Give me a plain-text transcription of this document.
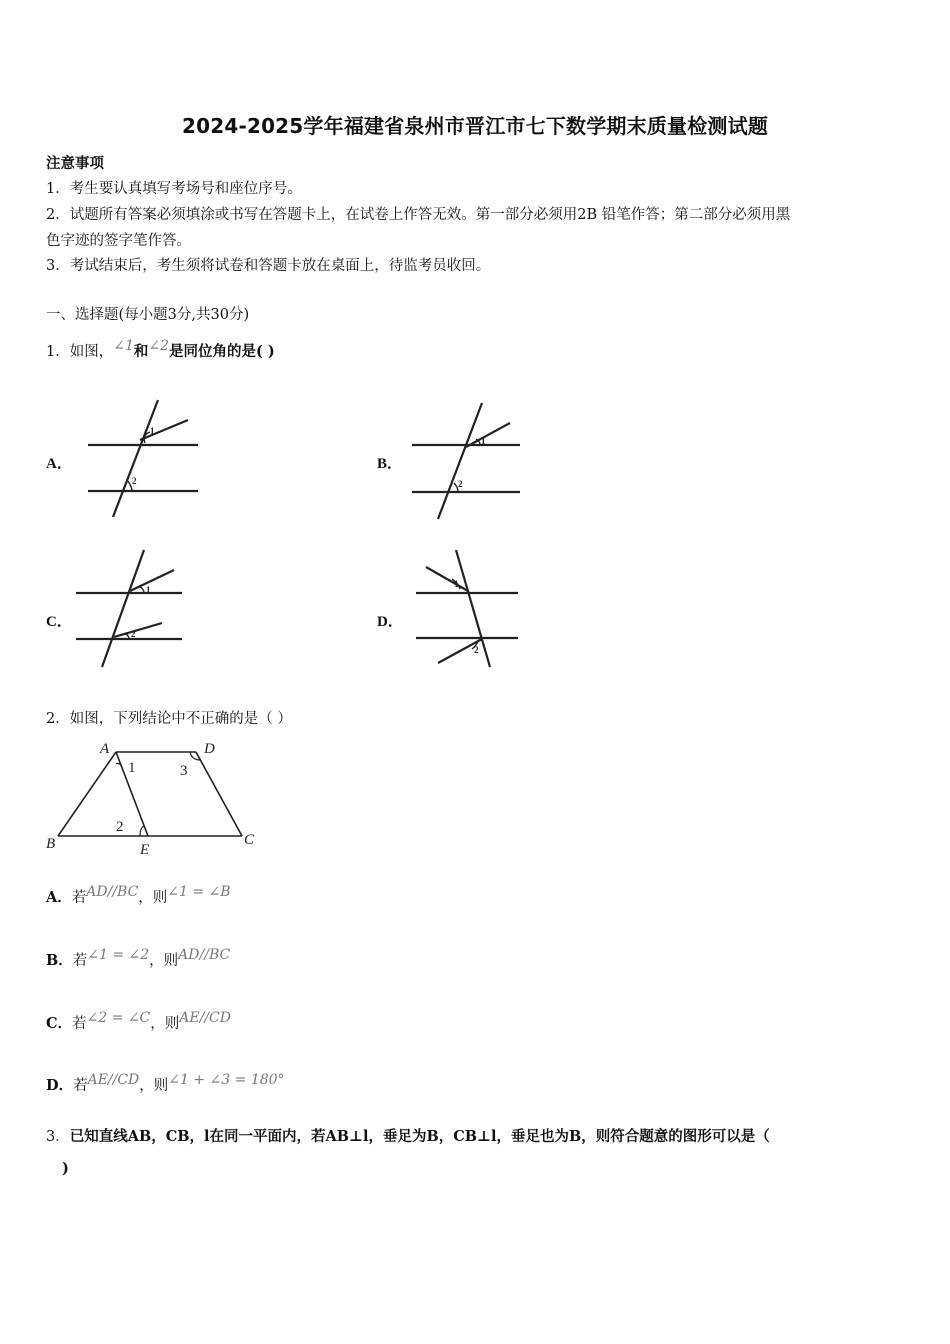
2024-2025学年福建省泉州市晋江市七下数学期末质量检测试题
注意事项
1．考生要认真填写考场号和座位序号。
2．试题所有答案必须填涂或书写在答题卡上，在试卷上作答无效。第一部分必须用2B 铅笔作答；第二部分必须用黑
色字迹的签字笔作答。
3．考试结束后，考生须将试卷和答题卡放在桌面上，待监考员收回。
一、选择题(每小题3分,共30分)
1．如图，∠1和∠2是同位角的是( )
A．	B．
C．	D．
1
2
1
2
1
2
1
2
2．如图，下列结论中不正确的是（ ）
A	D
B	E
C
1
2
3
A．若AD//BC，则∠1 = ∠B
B．若∠1 = ∠2，则AD//BC
C．若∠2 = ∠C，则AE//CD
D．若AE//CD，则∠1 + ∠3 = 180°
3．已知直线AB，CB，l在同一平面内，若AB⊥l，垂足为B，CB⊥l，垂足也为B，则符合题意的图形可以是（
)
